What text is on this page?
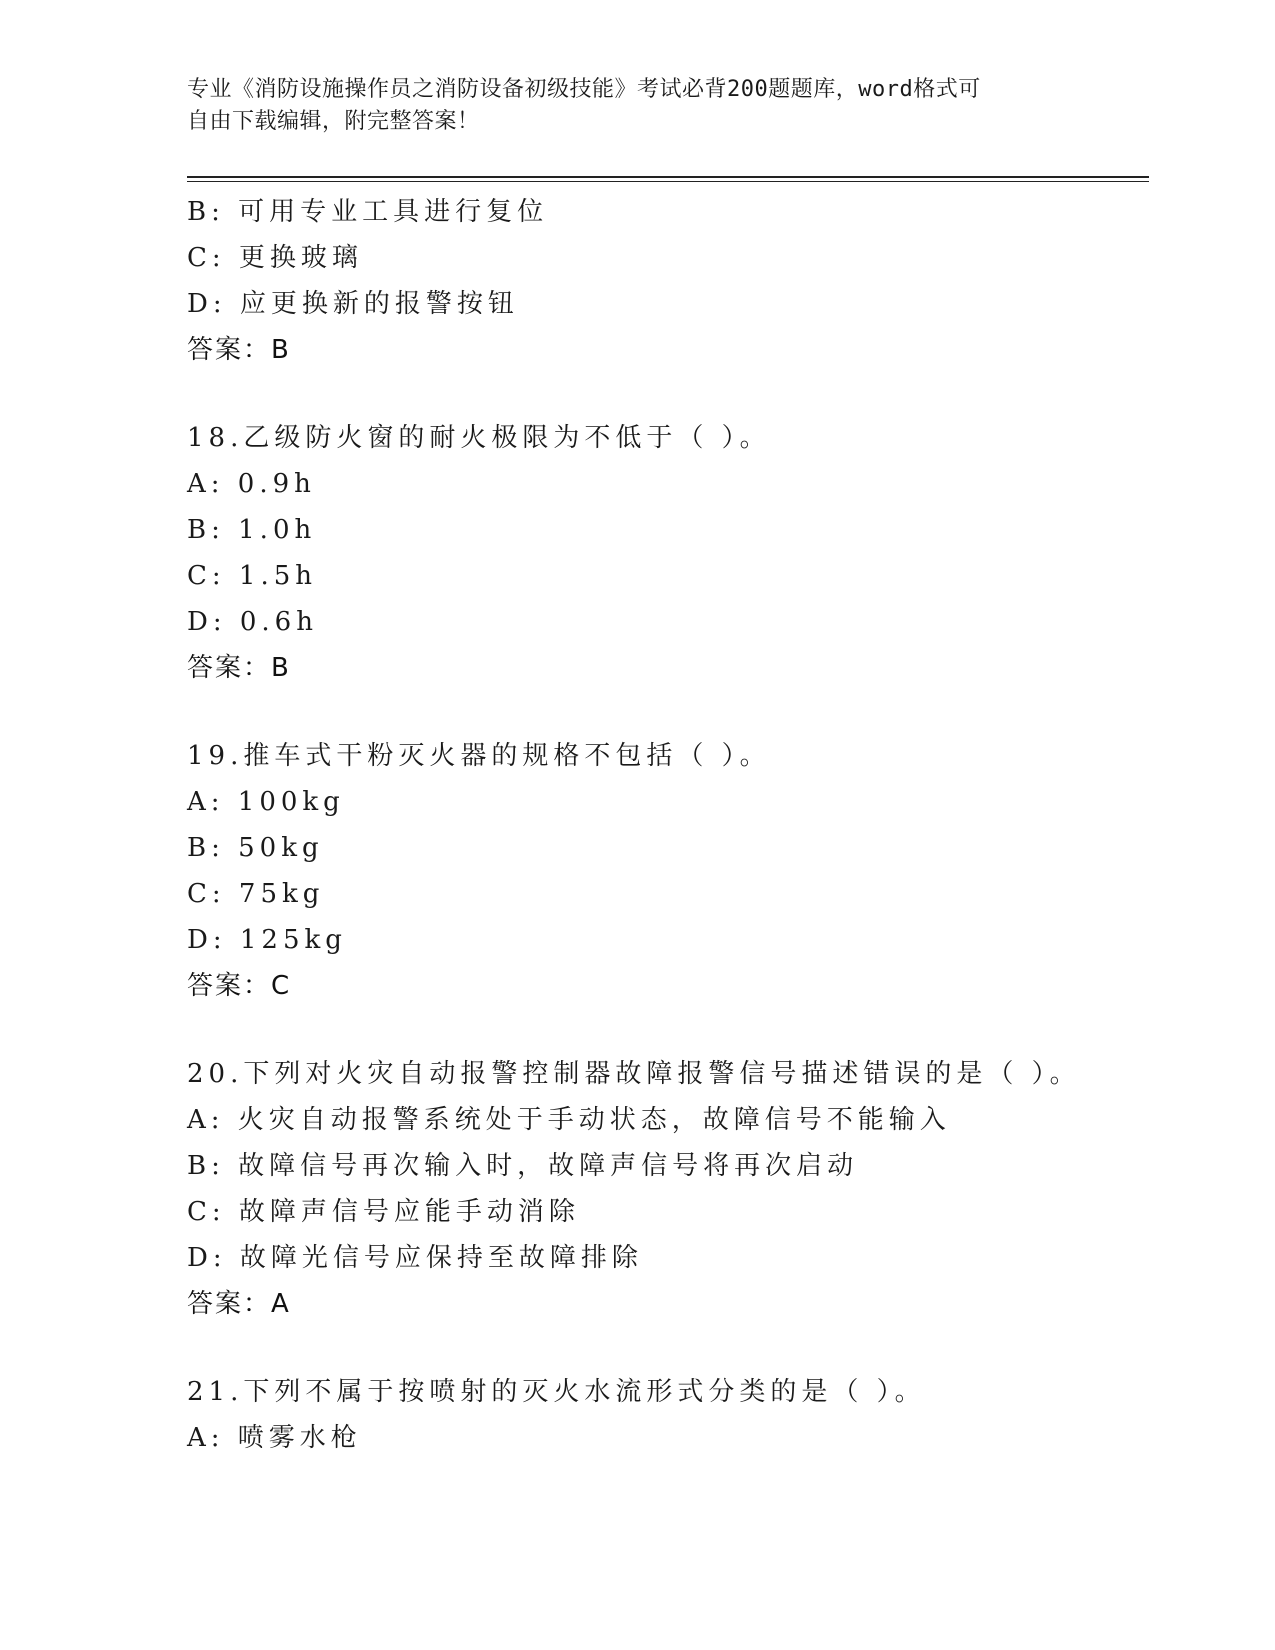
专业《消防设施操作员之消防设备初级技能》考试必背200题题库，word格式可
自由下载编辑，附完整答案！
B: 可用专业工具进行复位
C: 更换玻璃
D: 应更换新的报警按钮
答案：B
18.乙级防火窗的耐火极限为不低于（ ）。
A: 0.9h
B: 1.0h
C: 1.5h
D: 0.6h
答案：B
19.推车式干粉灭火器的规格不包括（ ）。
A: 100kg
B: 50kg
C: 75kg
D: 125kg
答案：C
20.下列对火灾自动报警控制器故障报警信号描述错误的是（ ）。
A: 火灾自动报警系统处于手动状态，故障信号不能输入
B: 故障信号再次输入时，故障声信号将再次启动
C: 故障声信号应能手动消除
D: 故障光信号应保持至故障排除
答案：A
21.下列不属于按喷射的灭火水流形式分类的是（ ）。
A: 喷雾水枪
